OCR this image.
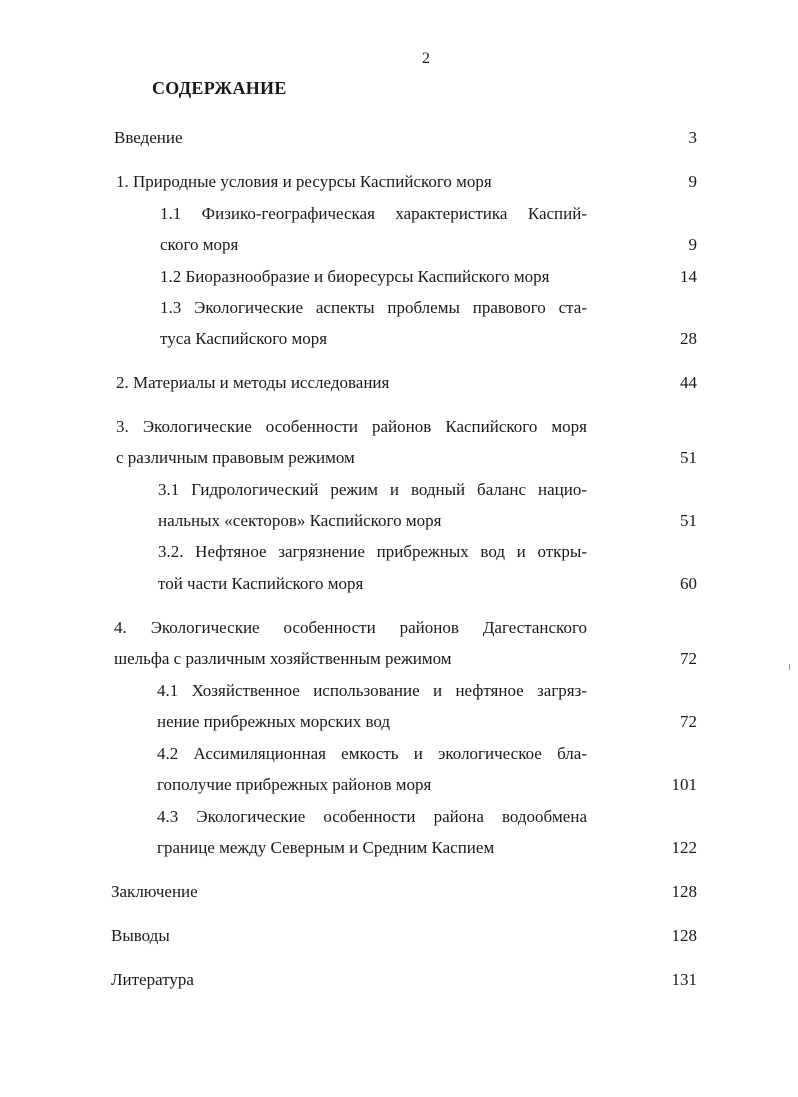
2
СОДЕРЖАНИЕ
Введение	3
1. Природные условия и ресурсы Каспийского моря	9
1.1 Физико-географическая характеристика Каспий-
ского моря	9
1.2 Биоразнообразие и биоресурсы Каспийского моря	14
1.3 Экологические аспекты проблемы правового ста-
туса Каспийского моря	28
2. Материалы и методы исследования	44
3. Экологические особенности районов Каспийского моря
с различным правовым режимом	51
3.1 Гидрологический режим и водный баланс нацио-
нальных «секторов» Каспийского моря	51
3.2. Нефтяное загрязнение прибрежных вод и откры-
той части Каспийского моря	60
4. Экологические особенности районов Дагестанского
шельфа с различным хозяйственным режимом	72
4.1 Хозяйственное использование и нефтяное загряз-
нение прибрежных морских вод	72
4.2 Ассимиляционная емкость и экологическое бла-
гополучие прибрежных районов моря	101
4.3 Экологические особенности района водообмена
границе между Северным и Средним Каспием	122
Заключение	128
Выводы	128
Литература	131
